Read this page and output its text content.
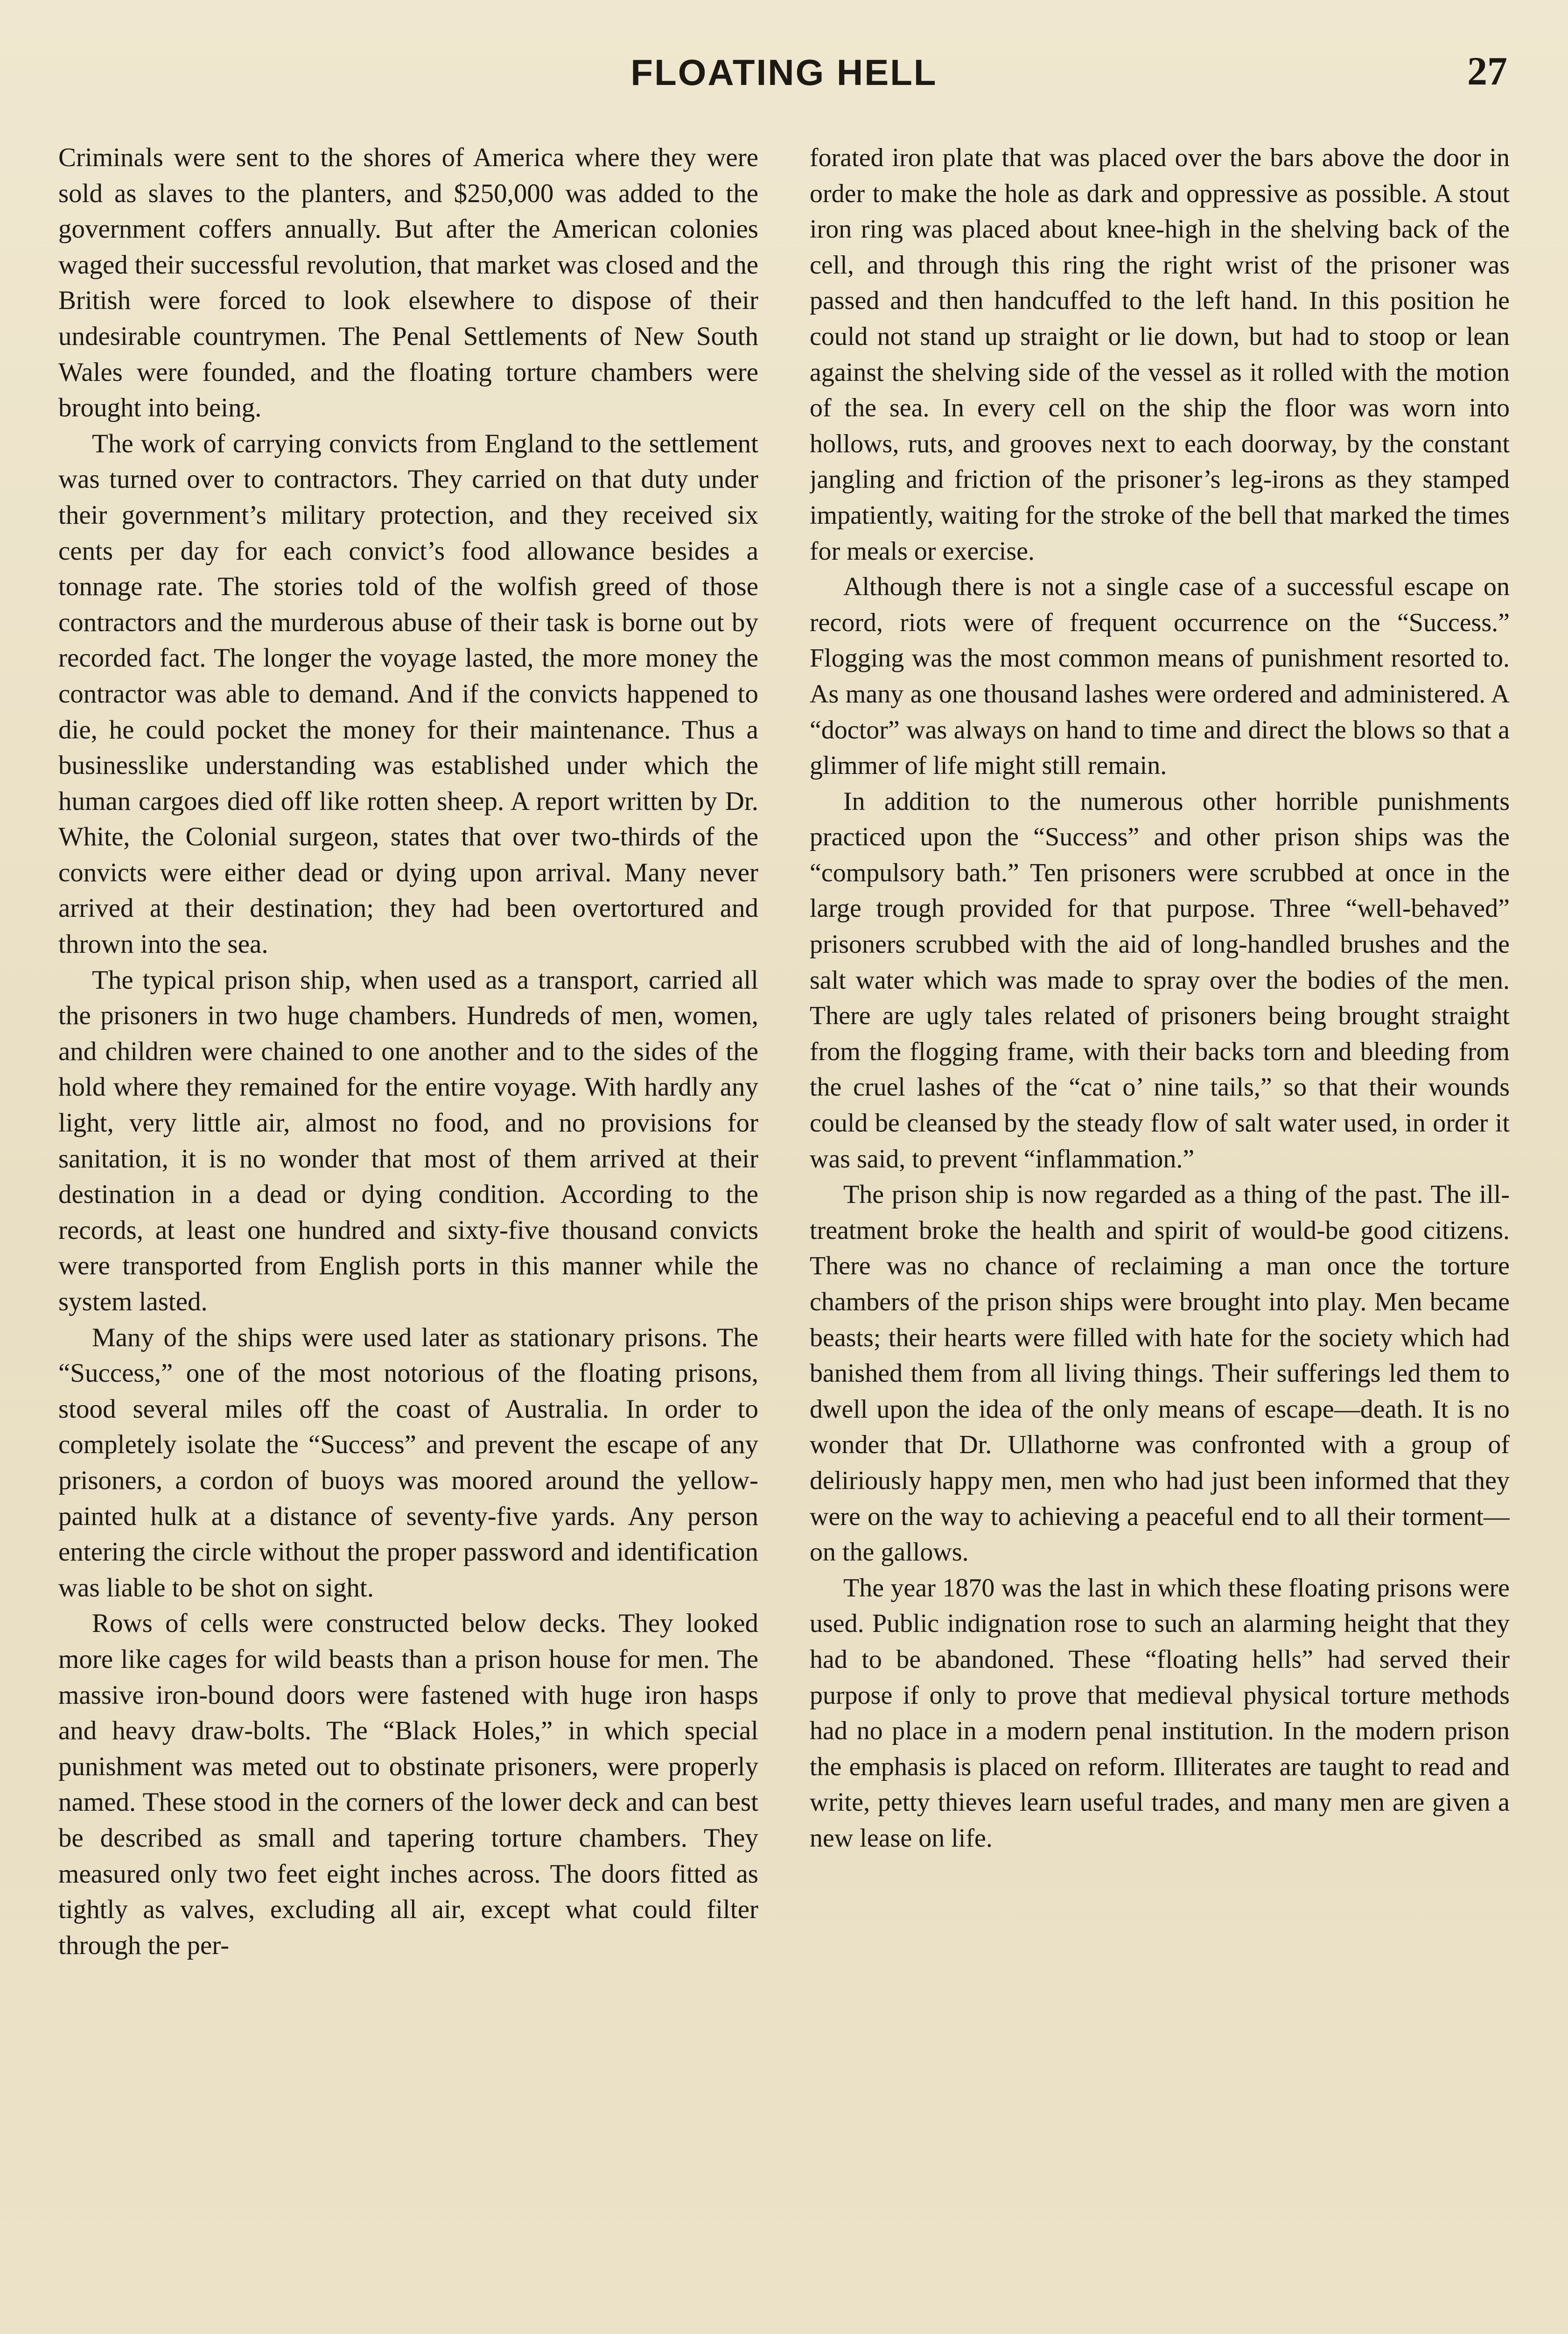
FLOATING HELL	27

Criminals were sent to the shores of America where they were sold as slaves to the planters, and $250,000 was added to the government coffers annually. But after the American colonies waged their successful revolution, that market was closed and the British were forced to look elsewhere to dispose of their undesirable countrymen. The Penal Settlements of New South Wales were founded, and the floating torture chambers were brought into being.

The work of carrying convicts from England to the settlement was turned over to contractors. They carried on that duty under their government’s military protection, and they received six cents per day for each convict’s food allowance besides a tonnage rate. The stories told of the wolfish greed of those contractors and the murderous abuse of their task is borne out by recorded fact. The longer the voyage lasted, the more money the contractor was able to demand. And if the convicts happened to die, he could pocket the money for their maintenance. Thus a businesslike understanding was established under which the human cargoes died off like rotten sheep. A report written by Dr. White, the Colonial surgeon, states that over two-thirds of the convicts were either dead or dying upon arrival. Many never arrived at their destination; they had been overtortured and thrown into the sea.

The typical prison ship, when used as a transport, carried all the prisoners in two huge chambers. Hundreds of men, women, and children were chained to one another and to the sides of the hold where they remained for the entire voyage. With hardly any light, very little air, almost no food, and no provisions for sanitation, it is no wonder that most of them arrived at their destination in a dead or dying condition. According to the records, at least one hundred and sixty-five thousand convicts were transported from English ports in this manner while the system lasted.

Many of the ships were used later as stationary prisons. The “Success,” one of the most notorious of the floating prisons, stood several miles off the coast of Australia. In order to completely isolate the “Success” and prevent the escape of any prisoners, a cordon of buoys was moored around the yellow-painted hulk at a distance of seventy-five yards. Any person entering the circle without the proper password and identification was liable to be shot on sight.

Rows of cells were constructed below decks. They looked more like cages for wild beasts than a prison house for men. The massive iron-bound doors were fastened with huge iron hasps and heavy draw-bolts. The “Black Holes,” in which special punishment was meted out to obstinate prisoners, were properly named. These stood in the corners of the lower deck and can best be described as small and tapering torture chambers. They measured only two feet eight inches across. The doors fitted as tightly as valves, excluding all air, except what could filter through the per-

forated iron plate that was placed over the bars above the door in order to make the hole as dark and oppressive as possible. A stout iron ring was placed about knee-high in the shelving back of the cell, and through this ring the right wrist of the prisoner was passed and then handcuffed to the left hand. In this position he could not stand up straight or lie down, but had to stoop or lean against the shelving side of the vessel as it rolled with the motion of the sea. In every cell on the ship the floor was worn into hollows, ruts, and grooves next to each doorway, by the constant jangling and friction of the prisoner’s leg-irons as they stamped impatiently, waiting for the stroke of the bell that marked the times for meals or exercise.

Although there is not a single case of a successful escape on record, riots were of frequent occurrence on the “Success.” Flogging was the most common means of punishment resorted to. As many as one thousand lashes were ordered and administered. A “doctor” was always on hand to time and direct the blows so that a glimmer of life might still remain.

In addition to the numerous other horrible punishments practiced upon the “Success” and other prison ships was the “compulsory bath.” Ten prisoners were scrubbed at once in the large trough provided for that purpose. Three “well-behaved” prisoners scrubbed with the aid of long-handled brushes and the salt water which was made to spray over the bodies of the men. There are ugly tales related of prisoners being brought straight from the flogging frame, with their backs torn and bleeding from the cruel lashes of the “cat o’ nine tails,” so that their wounds could be cleansed by the steady flow of salt water used, in order it was said, to prevent “inflammation.”

The prison ship is now regarded as a thing of the past. The ill-treatment broke the health and spirit of would-be good citizens. There was no chance of reclaiming a man once the torture chambers of the prison ships were brought into play. Men became beasts; their hearts were filled with hate for the society which had banished them from all living things. Their sufferings led them to dwell upon the idea of the only means of escape—death. It is no wonder that Dr. Ullathorne was confronted with a group of deliriously happy men, men who had just been informed that they were on the way to achieving a peaceful end to all their torment—on the gallows.

The year 1870 was the last in which these floating prisons were used. Public indignation rose to such an alarming height that they had to be abandoned. These “floating hells” had served their purpose if only to prove that medieval physical torture methods had no place in a modern penal institution. In the modern prison the emphasis is placed on reform. Illiterates are taught to read and write, petty thieves learn useful trades, and many men are given a new lease on life.
